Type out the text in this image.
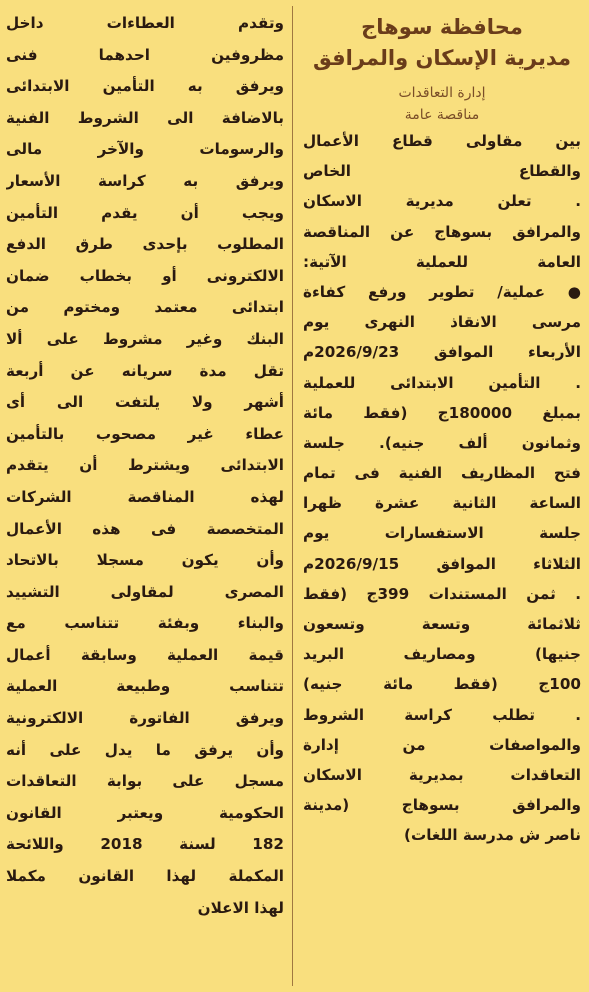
محافظة سوهاج
مديرية الإسكان والمرافق
إدارة التعاقدات
مناقصة عامة
بين مقاولى قطاع الأعمال
والقطاع الخاص
. تعلن مديرية الاسكان
والمرافق بسوهاج عن المناقصة
العامة للعملية الآتية:
● عملية/ تطوير ورفع كفاءة
مرسى الانقاذ النهرى يوم
الأربعاء الموافق 2026/9/23م
. التأمين الابتدائى للعملية
بمبلغ 180000ج (فقط مائة
وثمانون ألف جنيه). جلسة
فتح المظاريف الفنية فى تمام
الساعة الثانية عشرة ظهرا
جلسة الاستفسارات يوم
الثلاثاء الموافق 2026/9/15م
. ثمن المستندات 399ج (فقط
ثلاثمائة وتسعة وتسعون
جنيها) ومصاريف البريد
100ج (فقط مائة جنيه)
. تطلب كراسة الشروط
والمواصفات من إدارة
التعاقدات بمديرية الاسكان
والمرافق بسوهاج (مدينة
ناصر ش مدرسة اللغات)
وتقدم العطاءات داخل
مظروفين احدهما فنى
ويرفق به التأمين الابتدائى
بالاضافة الى الشروط الفنية
والرسومات والآخر مالى
ويرفق به كراسة الأسعار
ويجب أن يقدم التأمين
المطلوب بإحدى طرق الدفع
الالكترونى أو بخطاب ضمان
ابتدائى معتمد ومختوم من
البنك وغير مشروط على ألا
تقل مدة سريانه عن أربعة
أشهر ولا يلتفت الى أى
عطاء غير مصحوب بالتأمين
الابتدائى ويشترط أن يتقدم
لهذه المناقصة الشركات
المتخصصة فى هذه الأعمال
وأن يكون مسجلا بالاتحاد
المصرى لمقاولى التشييد
والبناء وبفئة تتناسب مع
قيمة العملية وسابقة أعمال
تتناسب وطبيعة العملية
ويرفق الفاتورة الالكترونية
وأن يرفق ما يدل على أنه
مسجل على بوابة التعاقدات
الحكومية ويعتبر القانون
182 لسنة 2018 واللائحة
المكملة لهذا القانون مكملا
لهذا الاعلان
